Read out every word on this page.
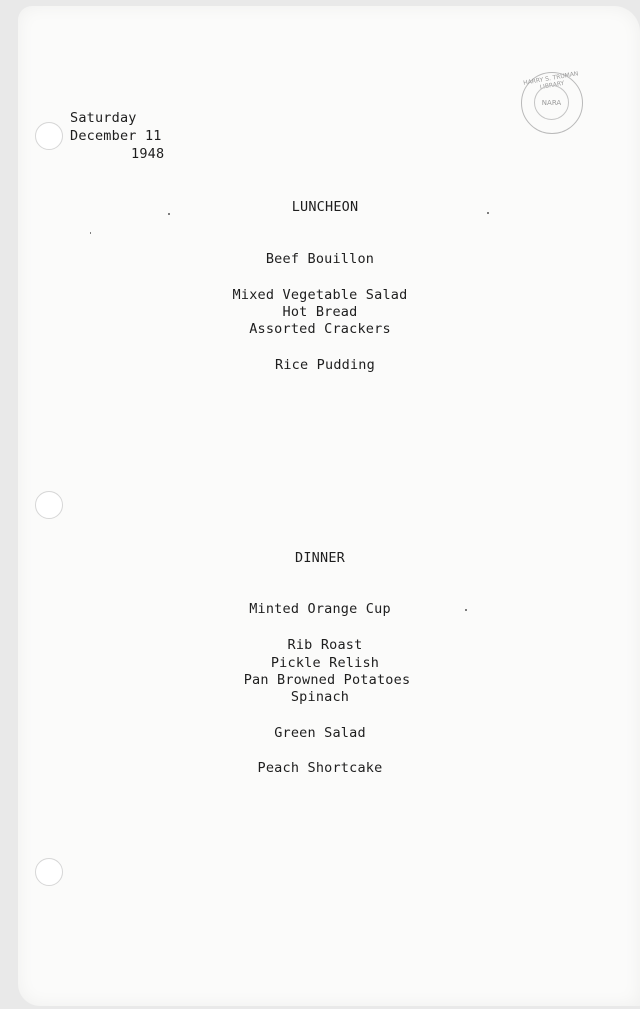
HARRY S. TRUMAN LIBRARY
NARA
Saturday
December 11
1948
LUNCHEON
Beef Bouillon
Mixed Vegetable Salad
Hot Bread
Assorted Crackers
Rice Pudding
DINNER
Minted Orange Cup
Rib Roast
Pickle Relish
Pan Browned Potatoes
Spinach
Green Salad
Peach Shortcake
